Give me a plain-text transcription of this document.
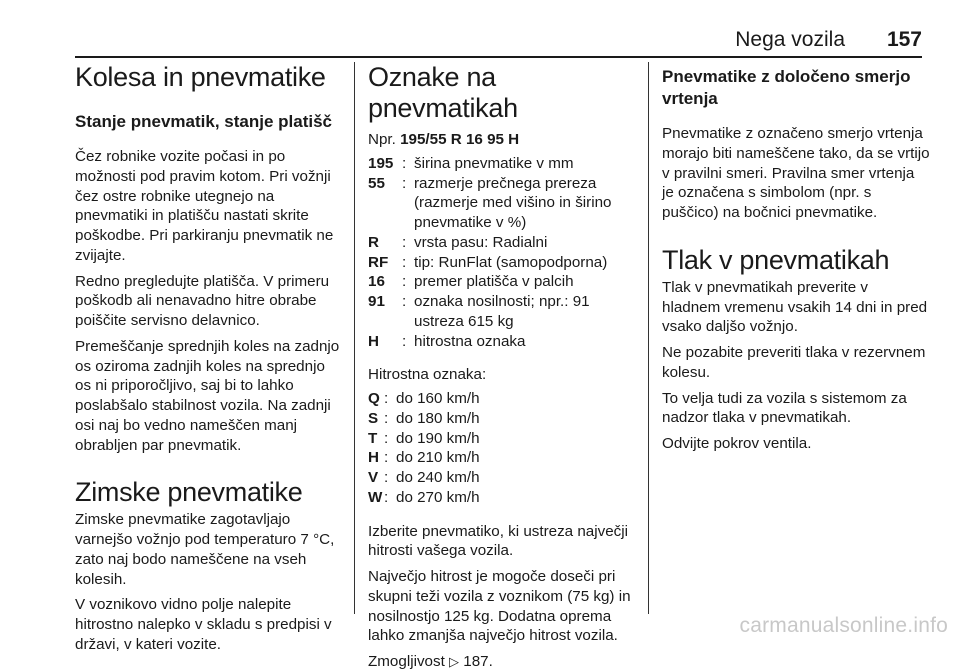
Nega vozila 157
Kolesa in pnevmatike
Stanje pnevmatik, stanje platišč

Čez robnike vozite počasi in po možnosti pod pravim kotom. Pri vožnji čez ostre robnike utegnejo na pnevmatiki in platišču nastati skrite poškodbe. Pri parkiranju pnevmatik ne zvijajte.

Redno pregledujte platišča. V primeru poškodb ali nenavadno hitre obrabe poiščite servisno delavnico.

Premeščanje sprednjih koles na zadnjo os oziroma zadnjih koles na sprednjo os ni priporočljivo, saj bi to lahko poslabšalo stabilnost vozila. Na zadnji osi naj bo vedno nameščen manj obrabljen par pnevmatik.

Zimske pnevmatike

Zimske pnevmatike zagotavljajo varnejšo vožnjo pod temperaturo 7 °C, zato naj bodo nameščene na vseh kolesih.

V voznikovo vidno polje nalepite hitrostno nalepko v skladu s predpisi v državi, v kateri vozite.

Oznake na pnevmatikah

Npr. 195/55 R 16 95 H

195 : širina pnevmatike v mm
55	: razmerje prečnega prereza (razmerje med višino in širino pnevmatike v %)
R	: vrsta pasu: Radialni
RF : tip: RunFlat (samopodporna)
16	: premer platišča v palcih
91	: oznaka nosilnosti; npr.: 91 ustreza 615 kg
H	: hitrostna oznaka

Hitrostna oznaka:

Q : do 160 km/h
S : do 180 km/h
T : do 190 km/h
H : do 210 km/h
V : do 240 km/h
W : do 270 km/h

Izberite pnevmatiko, ki ustreza največji hitrosti vašega vozila.

Največjo hitrost je mogoče doseči pri skupni teži vozila z voznikom (75 kg) in nosilnostjo 125 kg. Dodatna oprema lahko zmanjša največjo hitrost vozila.

Zmogljivost ▷ 187.

Pnevmatike z določeno smerjo vrtenja

Pnevmatike z označeno smerjo vrtenja morajo biti nameščene tako, da se vrtijo v pravilni smeri. Pravilna smer vrtenja je označena s simbolom (npr. s puščico) na bočnici pnevmatike.

Tlak v pnevmatikah

Tlak v pnevmatikah preverite v hladnem vremenu vsakih 14 dni in pred vsako daljšo vožnjo.

Ne pozabite preveriti tlaka v rezervnem kolesu.

To velja tudi za vozila s sistemom za nadzor tlaka v pnevmatikah.

Odvijte pokrov ventila.

carmanualsonline.info
